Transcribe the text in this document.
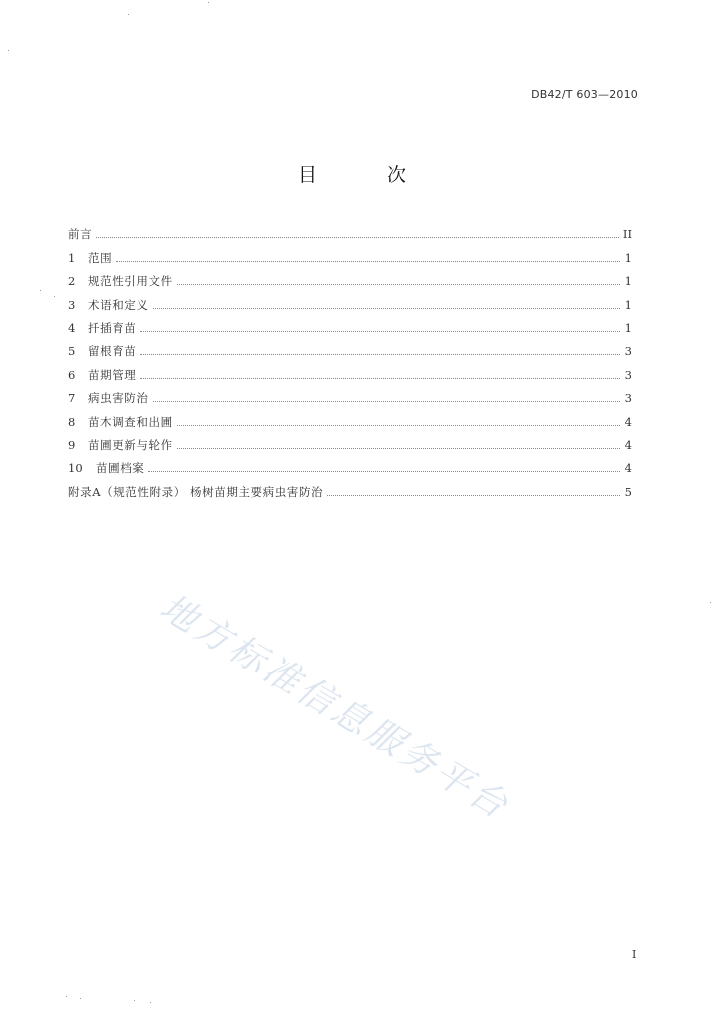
DB42/T 603—2010
目 次
前言	II
1	范围	1
2	规范性引用文件	1
3	术语和定义	1
4	扦插育苗	1
5	留根育苗	3
6	苗期管理	3
7	病虫害防治	3
8	苗木调查和出圃	4
9	苗圃更新与轮作	4
10	苗圃档案	4
附录A（规范性附录） 杨树苗期主要病虫害防治	5
地方标准信息服务平台
I
